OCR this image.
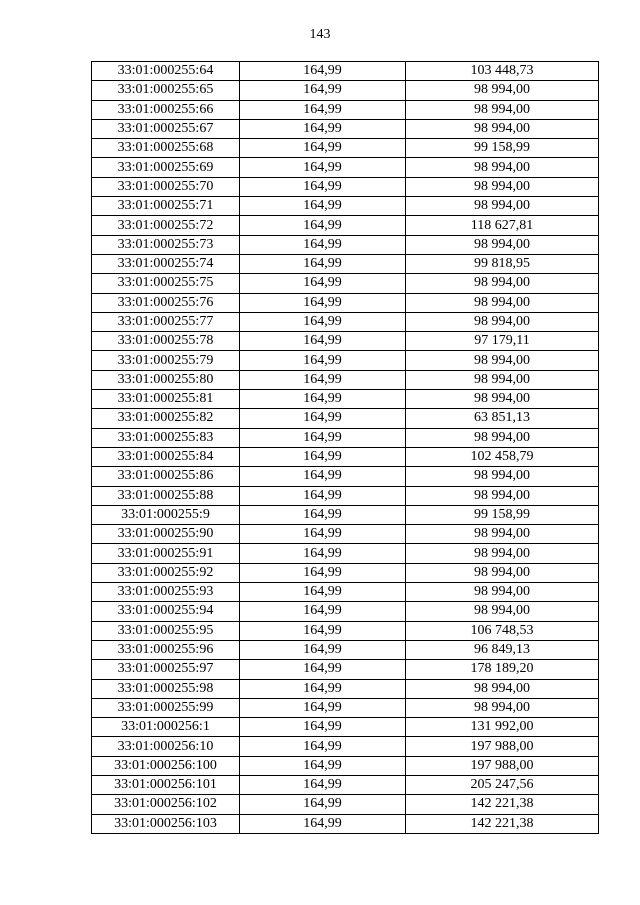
143
33:01:000255:64	164,99	103 448,73
33:01:000255:65	164,99	98 994,00
33:01:000255:66	164,99	98 994,00
33:01:000255:67	164,99	98 994,00
33:01:000255:68	164,99	99 158,99
33:01:000255:69	164,99	98 994,00
33:01:000255:70	164,99	98 994,00
33:01:000255:71	164,99	98 994,00
33:01:000255:72	164,99	118 627,81
33:01:000255:73	164,99	98 994,00
33:01:000255:74	164,99	99 818,95
33:01:000255:75	164,99	98 994,00
33:01:000255:76	164,99	98 994,00
33:01:000255:77	164,99	98 994,00
33:01:000255:78	164,99	97 179,11
33:01:000255:79	164,99	98 994,00
33:01:000255:80	164,99	98 994,00
33:01:000255:81	164,99	98 994,00
33:01:000255:82	164,99	63 851,13
33:01:000255:83	164,99	98 994,00
33:01:000255:84	164,99	102 458,79
33:01:000255:86	164,99	98 994,00
33:01:000255:88	164,99	98 994,00
33:01:000255:9	164,99	99 158,99
33:01:000255:90	164,99	98 994,00
33:01:000255:91	164,99	98 994,00
33:01:000255:92	164,99	98 994,00
33:01:000255:93	164,99	98 994,00
33:01:000255:94	164,99	98 994,00
33:01:000255:95	164,99	106 748,53
33:01:000255:96	164,99	96 849,13
33:01:000255:97	164,99	178 189,20
33:01:000255:98	164,99	98 994,00
33:01:000255:99	164,99	98 994,00
33:01:000256:1	164,99	131 992,00
33:01:000256:10	164,99	197 988,00
33:01:000256:100	164,99	197 988,00
33:01:000256:101	164,99	205 247,56
33:01:000256:102	164,99	142 221,38
33:01:000256:103	164,99	142 221,38
